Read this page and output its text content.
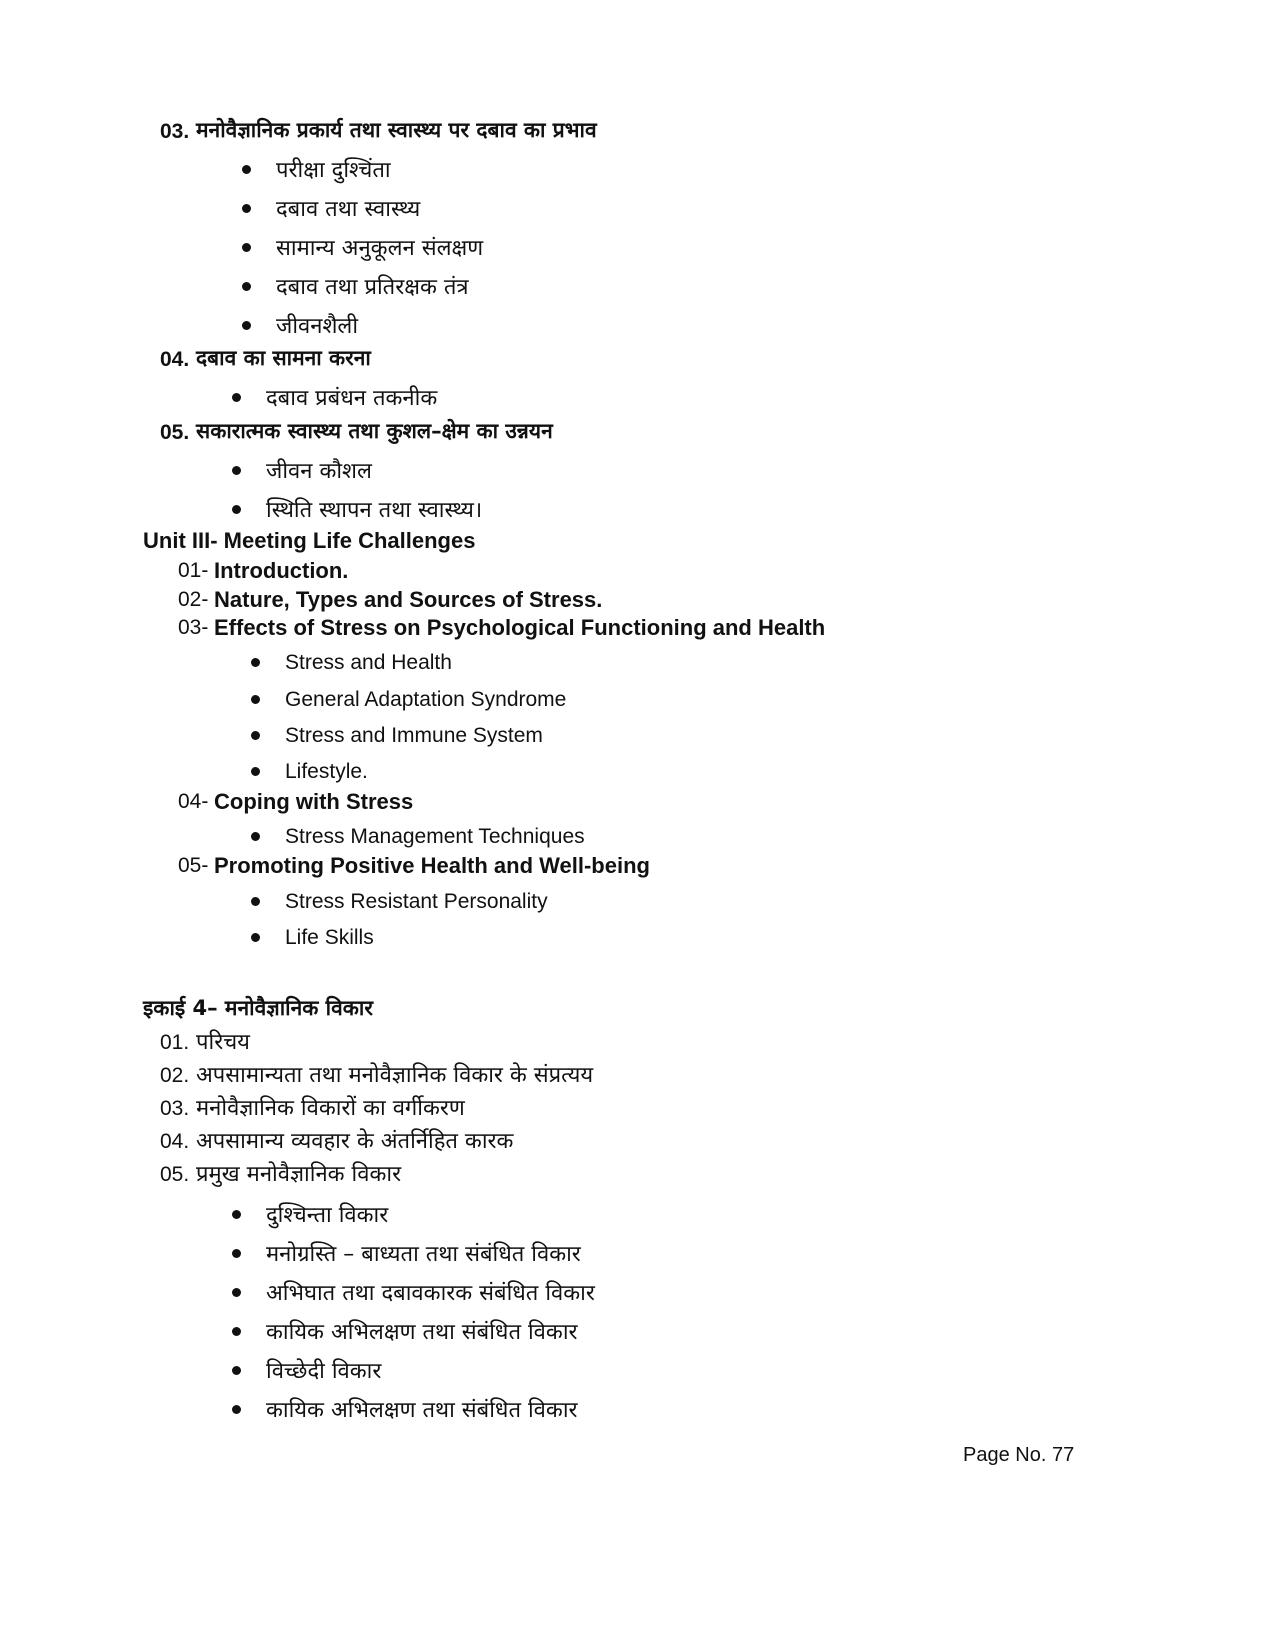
03. मनोवैज्ञानिक प्रकार्य तथा स्वास्थ्य पर दबाव का प्रभाव
परीक्षा दुश्चिंता
दबाव तथा स्वास्थ्य
सामान्य अनुकूलन संलक्षण
दबाव तथा प्रतिरक्षक तंत्र
जीवनशैली
04. दबाव का सामना करना
दबाव प्रबंधन तकनीक
05. सकारात्मक स्वास्थ्य तथा कुशल–क्षेम का उन्नयन
जीवन कौशल
स्थिति स्थापन तथा स्वास्थ्य।
Unit III- Meeting Life Challenges
01- Introduction.
02- Nature, Types and Sources of Stress.
03- Effects of Stress on Psychological Functioning and Health
Stress and Health
General Adaptation Syndrome
Stress and Immune System
Lifestyle.
04- Coping with Stress
Stress Management Techniques
05- Promoting Positive Health and Well-being
Stress Resistant Personality
Life Skills
इकाई 4– मनोवैज्ञानिक विकार
01. परिचय
02. अपसामान्यता तथा मनोवैज्ञानिक विकार के संप्रत्यय
03. मनोवैज्ञानिक विकारों का वर्गीकरण
04. अपसामान्य व्यवहार के अंतर्निहित कारक
05. प्रमुख मनोवैज्ञानिक विकार
दुश्चिन्ता विकार
मनोग्रस्ति – बाध्यता तथा संबंधित विकार
अभिघात तथा दबावकारक संबंधित विकार
कायिक अभिलक्षण तथा संबंधित विकार
विच्छेदी विकार
कायिक अभिलक्षण तथा संबंधित विकार
Page No. 77
